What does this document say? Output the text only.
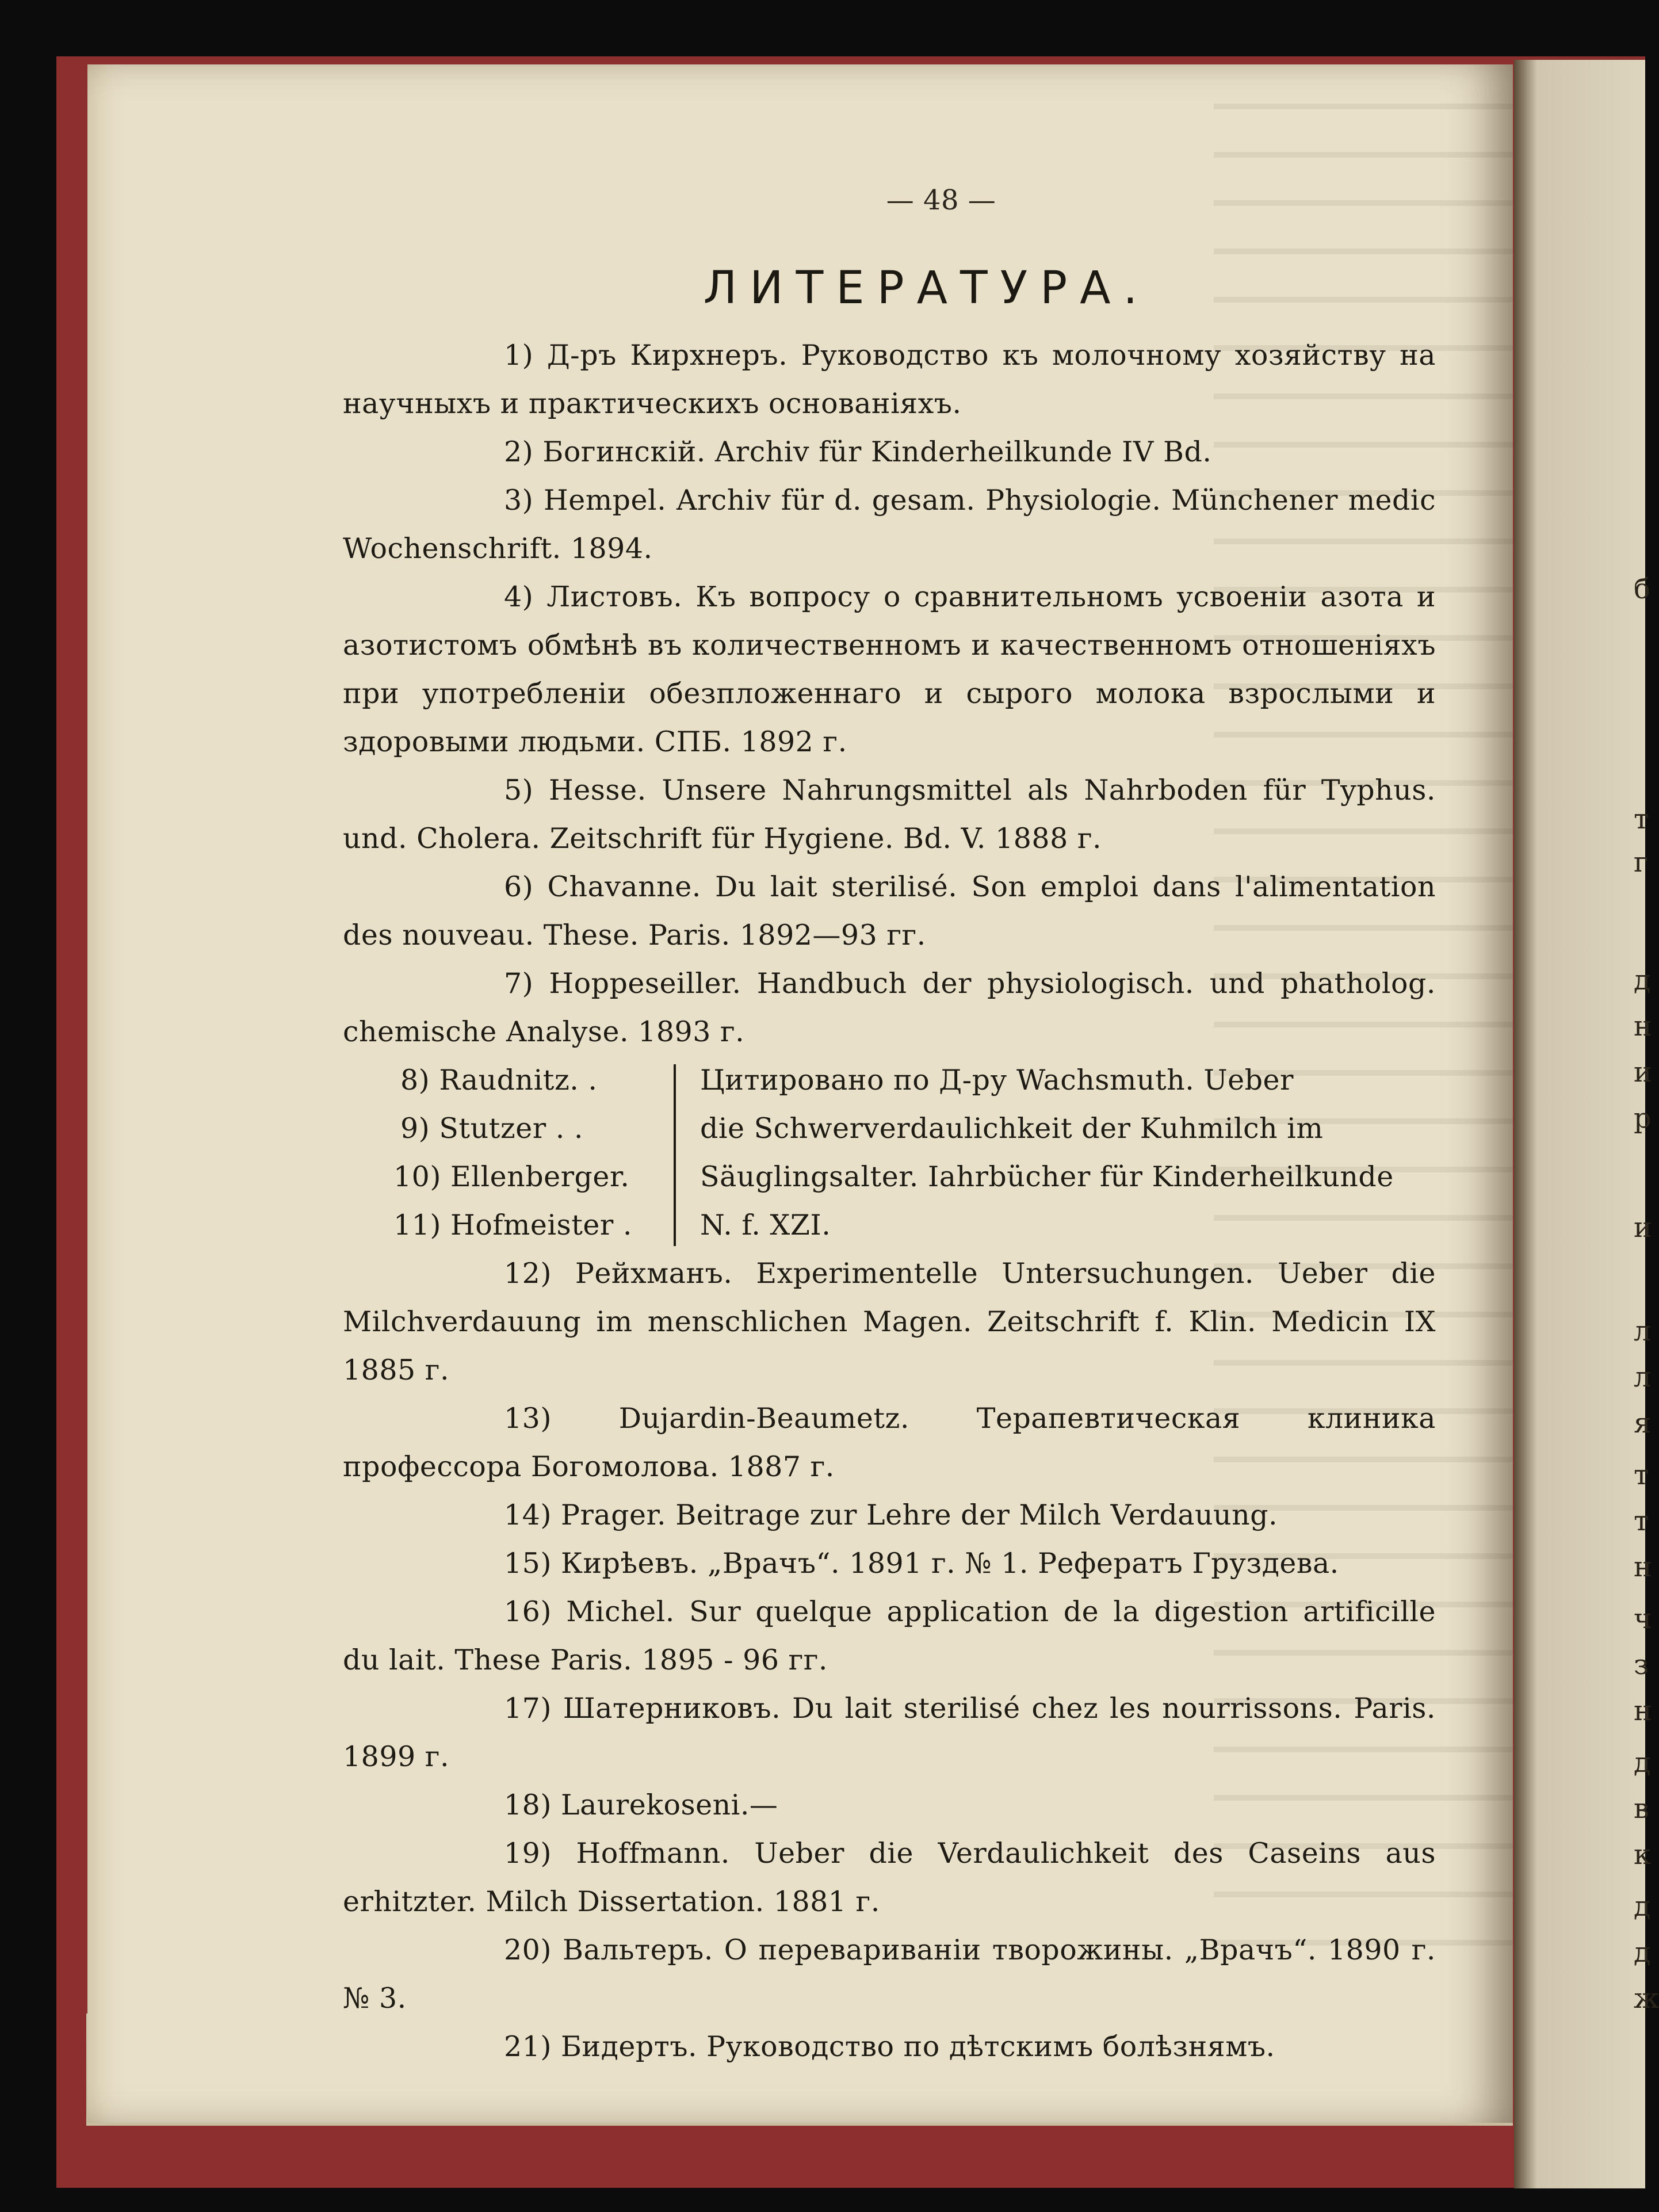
б
т
г
д
н
и
р
и
л
л
я
т
т
н
ч
з
н
д
в
к
д
д
ж
— 48 —
ЛИТЕРАТУРА.
1) Д-ръ Кирхнеръ. Руководство къ молочному хозяйству на научныхъ и практическихъ основаніяхъ.
2) Богинскій. Archiv für Kinderheilkunde IV Bd.
3) Hempel. Archiv für d. gesam. Physiologie. Münchener medic Wochenschrift. 1894.
4) Листовъ. Къ вопросу о сравнительномъ усвоеніи азота и азотистомъ обмѣнѣ въ количественномъ и качественномъ отношеніяхъ при употребленіи обезпложеннаго и сырого молока взрослыми и здоровыми людьми. СПБ. 1892 г.
5) Hesse. Unsere Nahrungsmittel als Nahrboden für Typhus. und. Cholera. Zeitschrift für Hygiene. Bd. V. 1888 г.
6) Chavanne. Du lait sterilisé. Son emploi dans l'alimentation des nouveau. These. Paris. 1892—93 гг.
7) Hoppeseiller. Handbuch der physiologisch. und phatholog. chemische Analyse. 1893 г.
8) Raudnitz. .
9) Stutzer . .
10) Ellenberger.
11) Hofmeister .
Цитировано по Д-ру Wachsmuth. Ueber
die Schwerverdaulichkeit der Kuhmilch im
Säuglingsalter. Iahrbücher für Kinderheilkunde
N. f. XZI.
12) Рейхманъ. Experimentelle Untersuchungen. Ueber die Milchverdauung im menschlichen Magen. Zeitschrift f. Klin. Medicin IX 1885 г.
13) Dujardin-Beaumetz. Терапевтическая клиника профессора Богомолова. 1887 г.
14) Prager. Beitrage zur Lehre der Milch Verdauung.
15) Кирѣевъ. „Врачъ“. 1891 г. № 1. Рефератъ Груздева.
16) Michel. Sur quelque application de la digestion artificille du lait. These Paris. 1895 - 96 гг.
17) Шатерниковъ. Du lait sterilisé chez les nourrissons. Paris. 1899 г.
18) Laurekoseni.—
19) Hoffmann. Ueber die Verdaulichkeit des Caseins aus erhitzter. Milch Dissertation. 1881 г.
20) Вальтеръ. О перевариваніи творожины. „Врачъ“. 1890 г. № 3.
21) Бидертъ. Руководство по дѣтскимъ болѣзнямъ.
